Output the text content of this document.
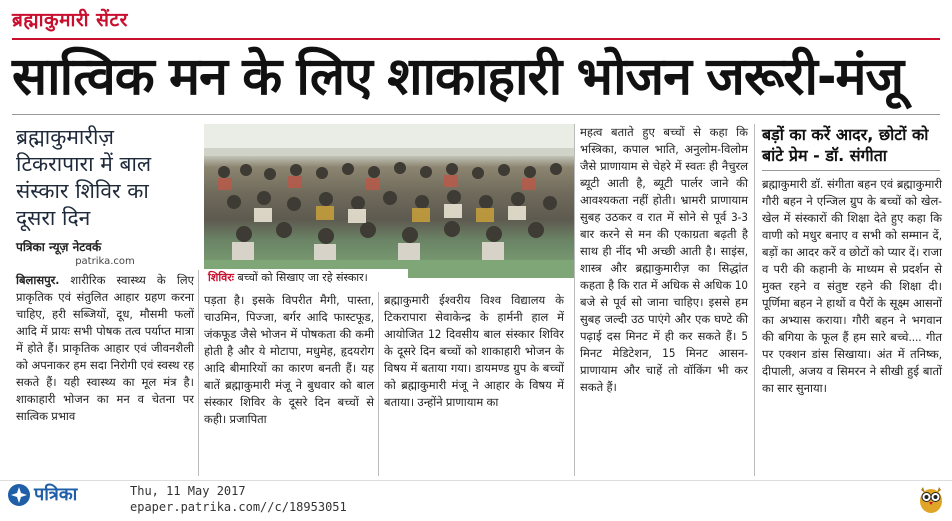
ब्रह्माकुमारी सेंटर
सात्विक मन के लिए शाकाहारी भोजन जरूरी-मंजू
ब्रह्माकुमारीज़ टिकरापारा में बाल संस्कार शिविर का दूसरा दिन
पत्रिका न्यूज़ नेटवर्क
patrika.com
शिविरः बच्चों को सिखाए जा रहे संस्कार।
बिलासपुर. शारीरिक स्वास्थ्य के लिए प्राकृतिक एवं संतुलित आहार ग्रहण करना चाहिए, हरी सब्जियों, दूध, मौसमी फलों आदि में प्रायः सभी पोषक तत्व पर्याप्त मात्रा में होते हैं। प्राकृतिक आहार एवं जीवनशैली को अपनाकर हम सदा निरोगी एवं स्वस्थ रह सकते हैं। यही स्वास्थ्य का मूल मंत्र है। शाकाहारी भोजन का मन व चेतना पर सात्विक प्रभाव
पड़ता है। इसके विपरीत मैगी, पास्ता, चाउमिन, पिज्जा, बर्गर आदि फास्टफूड, जंकफूड जैसे भोजन में पोषकता की कमी होती है और ये मोटापा, मधुमेह, हृदयरोग आदि बीमारियों का कारण बनती हैं। यह बातें ब्रह्माकुमारी मंजू ने बुधवार को बाल संस्कार शिविर के दूसरे दिन बच्चों से कही। प्रजापिता
ब्रह्माकुमारी ईश्वरीय विश्व विद्यालय के टिकरापारा सेवाकेन्द्र के हार्मनी हाल में आयोजित 12 दिवसीय बाल संस्कार शिविर के दूसरे दिन बच्चों को शाकाहारी भोजन के विषय में बताया गया। डायमण्ड ग्रुप के बच्चों को ब्रह्माकुमारी मंजू ने आहार के विषय में बताया। उन्होंने प्राणायाम का
महत्व बताते हुए बच्चों से कहा कि भस्त्रिका, कपाल भाति, अनुलोम-विलोम जैसे प्राणायाम से चेहरे में स्वतः ही नैचुरल ब्यूटी आती है, ब्यूटी पार्लर जाने की आवश्यकता नहीं होती। भ्रामरी प्राणायाम सुबह उठकर व रात में सोने से पूर्व 3-3 बार करने से मन की एकाग्रता बढ़ती है साथ ही नींद भी अच्छी आती है। साइंस, शास्त्र और ब्रह्माकुमारीज़ का सिद्धांत कहता है कि रात में अधिक से अधिक 10 बजे से पूर्व सो जाना चाहिए। इससे हम सुबह जल्दी उठ पाएंगे और एक घण्टे की पढ़ाई दस मिनट में ही कर सकते हैं। 5 मिनट मेडिटेशन, 15 मिनट आसन-प्राणायाम और चाहें तो वॉकिंग भी कर सकते हैं।
बड़ों का करें आदर, छोटों को बांटे प्रेम - डॉ. संगीता
ब्रह्माकुमारी डॉ. संगीता बहन एवं ब्रह्माकुमारी गौरी बहन ने एन्जिल ग्रुप के बच्चों को खेल-खेल में संस्कारों की शिक्षा देते हुए कहा कि वाणी को मधुर बनाए व सभी को सम्मान दें, बड़ों का आदर करें व छोटों को प्यार दें। राजा व परी की कहानी के माध्यम से प्रदर्शन से मुक्त रहने व संतुष्ट रहने की शिक्षा दी। पूर्णिमा बहन ने हाथों व पैरों के सूक्ष्म आसनों का अभ्यास कराया। गौरी बहन ने भगवान की बगिया के फूल हैं हम सारे बच्चे.... गीत पर एक्शन डांस सिखाया। अंत में तनिष्क, दीपाली, अजय व सिमरन ने सीखी हुई बातों का सार सुनाया।
पत्रिका	Thu, 11 May 2017
epaper.patrika.com//c/18953051
